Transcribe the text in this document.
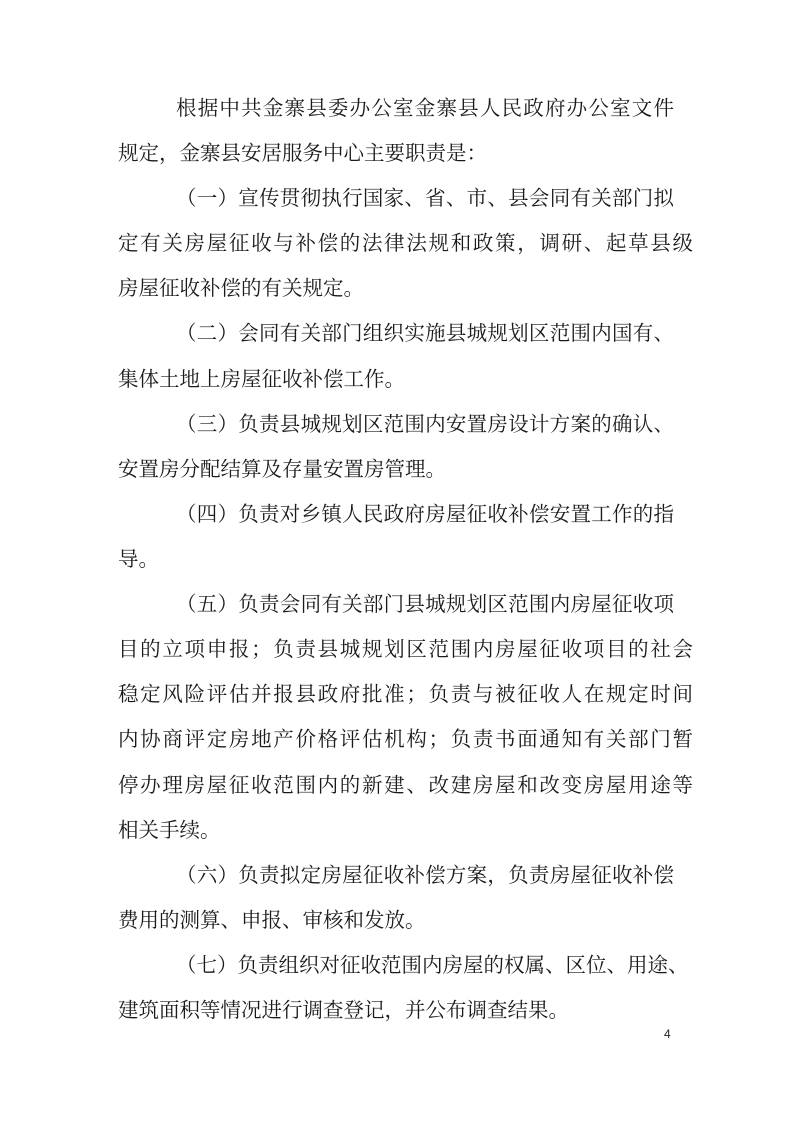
根据中共金寨县委办公室金寨县人民政府办公室文件
规定，金寨县安居服务中心主要职责是：
（一）宣传贯彻执行国家、省、市、县会同有关部门拟
定有关房屋征收与补偿的法律法规和政策，调研、起草县级
房屋征收补偿的有关规定。
（二）会同有关部门组织实施县城规划区范围内国有、
集体土地上房屋征收补偿工作。
（三）负责县城规划区范围内安置房设计方案的确认、
安置房分配结算及存量安置房管理。
（四）负责对乡镇人民政府房屋征收补偿安置工作的指
导。
（五）负责会同有关部门县城规划区范围内房屋征收项
目的立项申报；负责县城规划区范围内房屋征收项目的社会
稳定风险评估并报县政府批准；负责与被征收人在规定时间
内协商评定房地产价格评估机构；负责书面通知有关部门暂
停办理房屋征收范围内的新建、改建房屋和改变房屋用途等
相关手续。
（六）负责拟定房屋征收补偿方案，负责房屋征收补偿
费用的测算、申报、审核和发放。
（七）负责组织对征收范围内房屋的权属、区位、用途、
建筑面积等情况进行调查登记，并公布调查结果。
4
